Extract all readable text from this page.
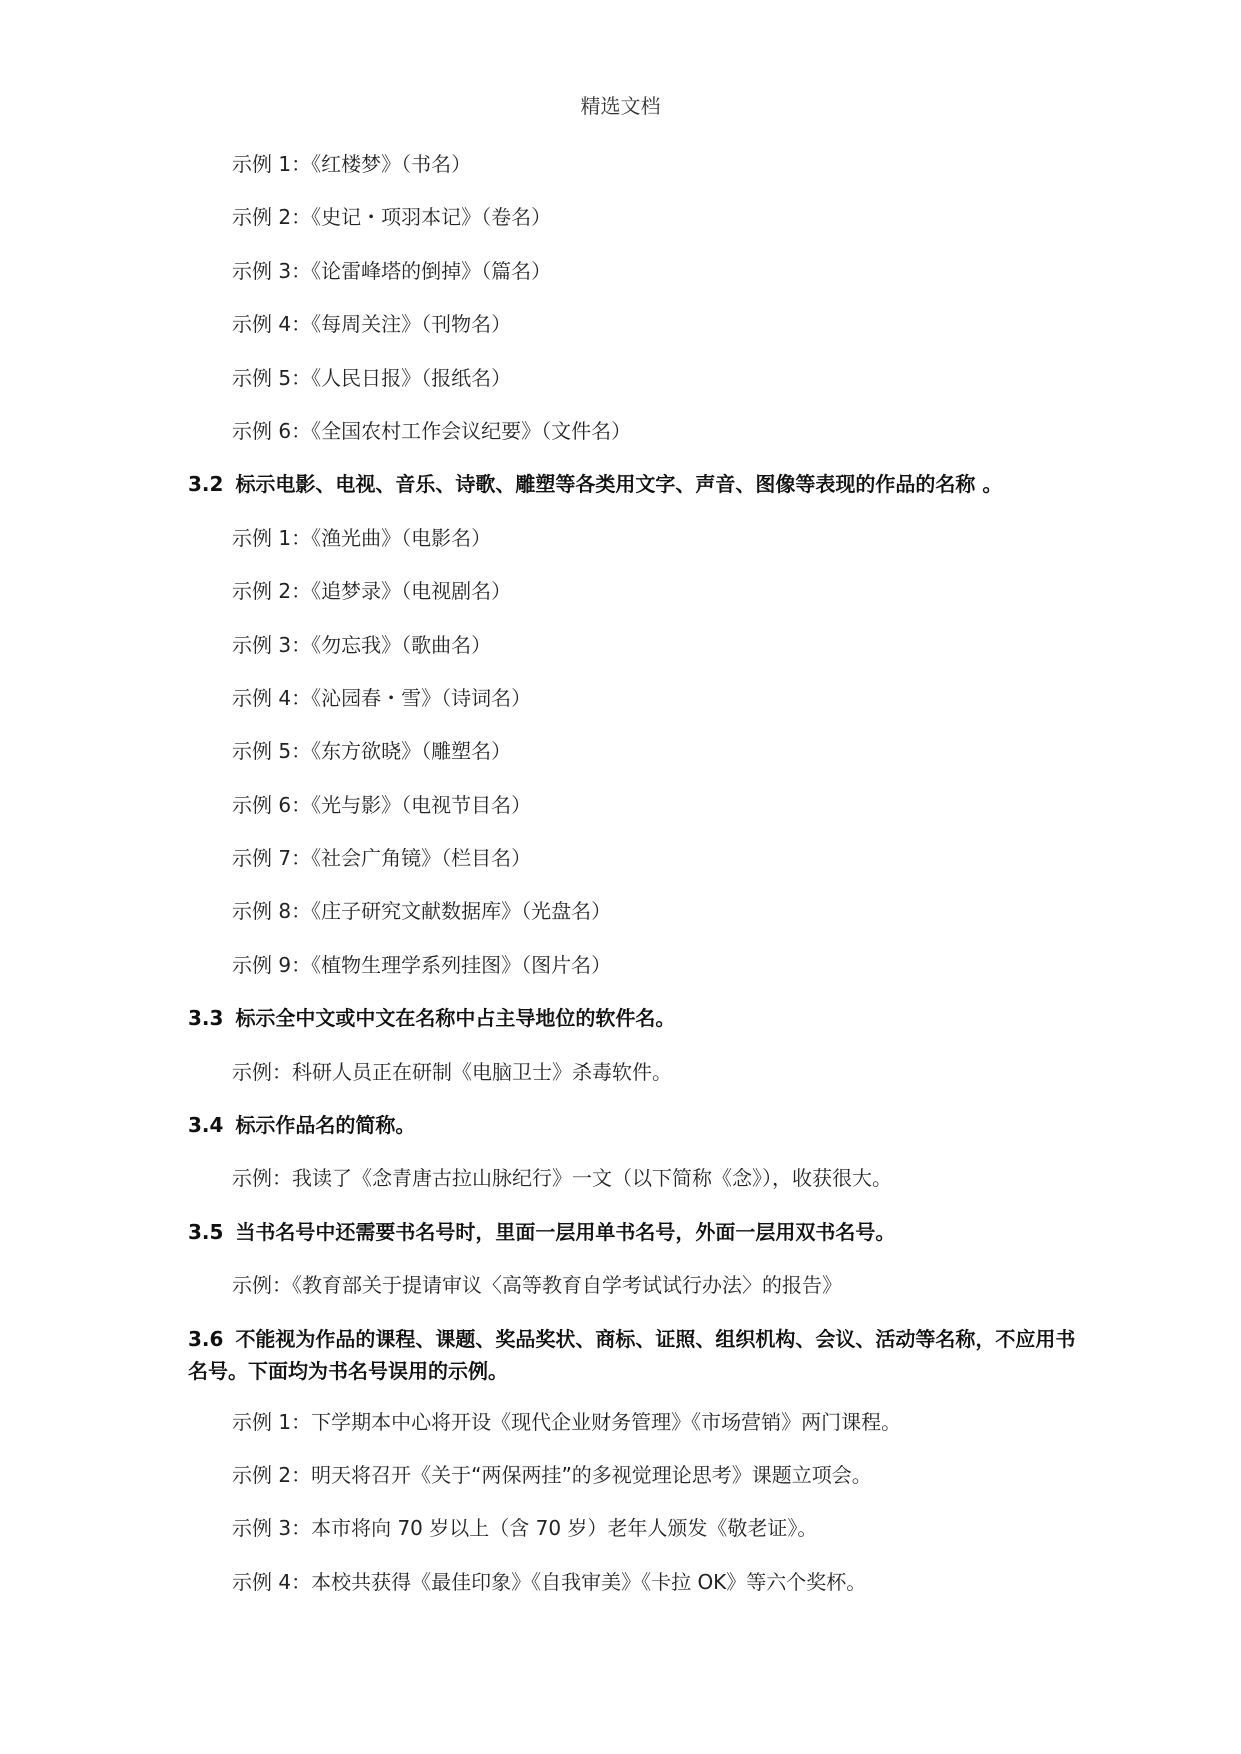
精选文档
示例 1：《红楼梦》（书名）
示例 2：《史记・项羽本记》（卷名）
示例 3：《论雷峰塔的倒掉》（篇名）
示例 4：《每周关注》（刊物名）
示例 5：《人民日报》（报纸名）
示例 6：《全国农村工作会议纪要》（文件名）
3.2 标示电影、电视、音乐、诗歌、雕塑等各类用文字、声音、图像等表现的作品的名称 。
示例 1：《渔光曲》（电影名）
示例 2：《追梦录》（电视剧名）
示例 3：《勿忘我》（歌曲名）
示例 4：《沁园春・雪》（诗词名）
示例 5：《东方欲晓》（雕塑名）
示例 6：《光与影》（电视节目名）
示例 7：《社会广角镜》（栏目名）
示例 8：《庄子研究文献数据库》（光盘名）
示例 9：《植物生理学系列挂图》（图片名）
3.3 标示全中文或中文在名称中占主导地位的软件名。
示例：科研人员正在研制《电脑卫士》杀毒软件。
3.4 标示作品名的简称。
示例：我读了《念青唐古拉山脉纪行》一文（以下简称《念》），收获很大。
3.5 当书名号中还需要书名号时，里面一层用单书名号，外面一层用双书名号。
示例：《教育部关于提请审议〈高等教育自学考试试行办法〉的报告》
3.6 不能视为作品的课程、课题、奖品奖状、商标、证照、组织机构、会议、活动等名称，不应用书名号。下面均为书名号误用的示例。
示例 1：下学期本中心将开设《现代企业财务管理》《市场营销》两门课程。
示例 2：明天将召开《关于“两保两挂”的多视觉理论思考》课题立项会。
示例 3：本市将向 70 岁以上（含 70 岁）老年人颁发《敬老证》。
示例 4：本校共获得《最佳印象》《自我审美》《卡拉 OK》等六个奖杯。
